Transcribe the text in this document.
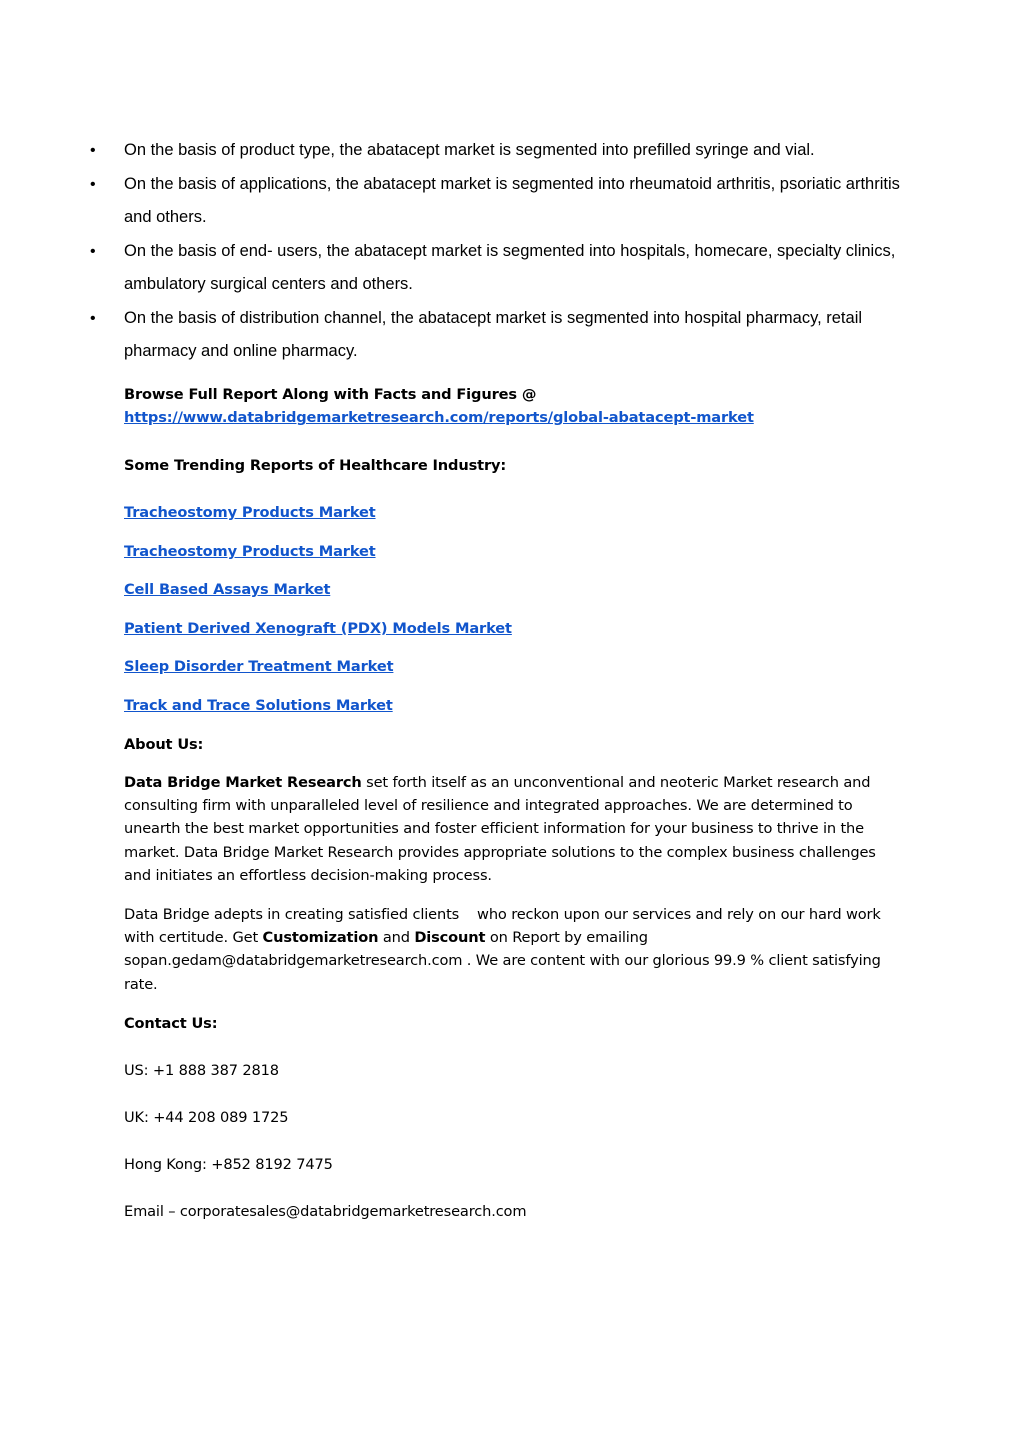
• On the basis of product type, the abatacept market is segmented into prefilled syringe and vial.
• On the basis of applications, the abatacept market is segmented into rheumatoid arthritis, psoriatic arthritis and others.
• On the basis of end- users, the abatacept market is segmented into hospitals, homecare, specialty clinics, ambulatory surgical centers and others.
• On the basis of distribution channel, the abatacept market is segmented into hospital pharmacy, retail pharmacy and online pharmacy.
Browse Full Report Along with Facts and Figures @
https://www.databridgemarketresearch.com/reports/global-abatacept-market
Some Trending Reports of Healthcare Industry:
Tracheostomy Products Market
Tracheostomy Products Market
Cell Based Assays Market
Patient Derived Xenograft (PDX) Models Market
Sleep Disorder Treatment Market
Track and Trace Solutions Market
About Us:

Data Bridge Market Research set forth itself as an unconventional and neoteric Market research and consulting firm with unparalleled level of resilience and integrated approaches. We are determined to unearth the best market opportunities and foster efficient information for your business to thrive in the market. Data Bridge Market Research provides appropriate solutions to the complex business challenges and initiates an effortless decision-making process.

Data Bridge adepts in creating satisfied clients    who reckon upon our services and rely on our hard work with certitude. Get Customization and Discount on Report by emailing sopan.gedam@databridgemarketresearch.com . We are content with our glorious 99.9 % client satisfying rate.

Contact Us:
US: +1 888 387 2818
UK: +44 208 089 1725
Hong Kong: +852 8192 7475
Email – corporatesales@databridgemarketresearch.com
